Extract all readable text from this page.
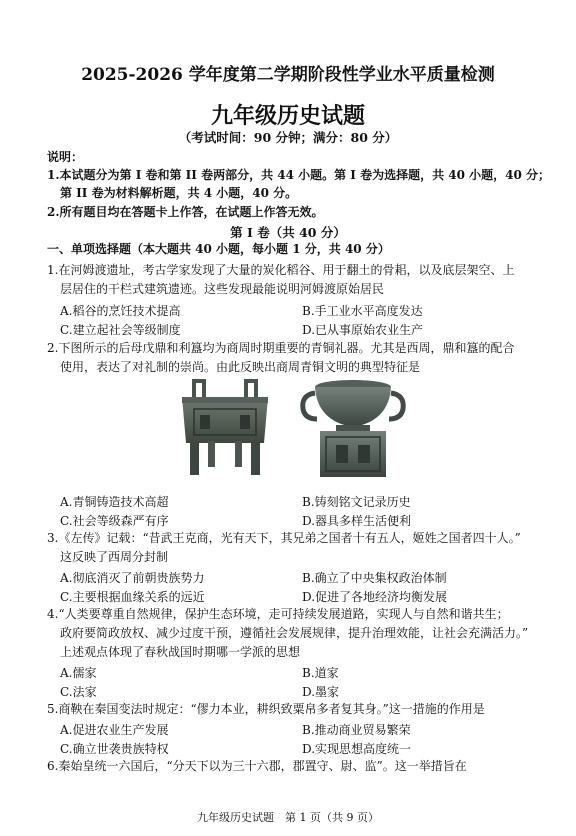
2025-2026 学年度第二学期阶段性学业水平质量检测
九年级历史试题
（考试时间：90 分钟；满分：80 分）
说明：
1.本试题分为第 I 卷和第 II 卷两部分，共 44 小题。第 I 卷为选择题，共 40 小题，40 分；
第 II 卷为材料解析题，共 4 小题，40 分。
2.所有题目均在答题卡上作答，在试题上作答无效。
第 I 卷（共 40 分）
一、单项选择题（本大题共 40 小题，每小题 1 分，共 40 分）
1.在河姆渡遗址，考古学家发现了大量的炭化稻谷、用于翻土的骨耜，以及底层架空、上
层居住的干栏式建筑遗迹。这些发现最能说明河姆渡原始居民
A.稻谷的烹饪技术提高	B.手工业水平高度发达
C.建立起社会等级制度	D.已从事原始农业生产
2.下图所示的后母戊鼎和利簋均为商周时期重要的青铜礼器。尤其是西周，鼎和簋的配合
使用，表达了对礼制的崇尚。由此反映出商周青铜文明的典型特征是
A.青铜铸造技术高超	B.铸刻铭文记录历史
C.社会等级森严有序	D.器具多样生活便利
3.《左传》记载：“昔武王克商，光有天下，其兄弟之国者十有五人，姬姓之国者四十人。”
这反映了西周分封制
A.彻底消灭了前朝贵族势力	B.确立了中央集权政治体制
C.主要根据血缘关系的远近	D.促进了各地经济均衡发展
4.“人类要尊重自然规律，保护生态环境，走可持续发展道路，实现人与自然和谐共生；
政府要简政放权、减少过度干预，遵循社会发展规律，提升治理效能，让社会充满活力。”
上述观点体现了春秋战国时期哪一学派的思想
A.儒家	B.道家
C.法家	D.墨家
5.商鞅在秦国变法时规定：“僇力本业，耕织致粟帛多者复其身。”这一措施的作用是
A.促进农业生产发展	B.推动商业贸易繁荣
C.确立世袭贵族特权	D.实现思想高度统一
6.秦始皇统一六国后，“分天下以为三十六郡，郡置守、尉、监”。这一举措旨在
九年级历史试题　第 1 页（共 9 页）
